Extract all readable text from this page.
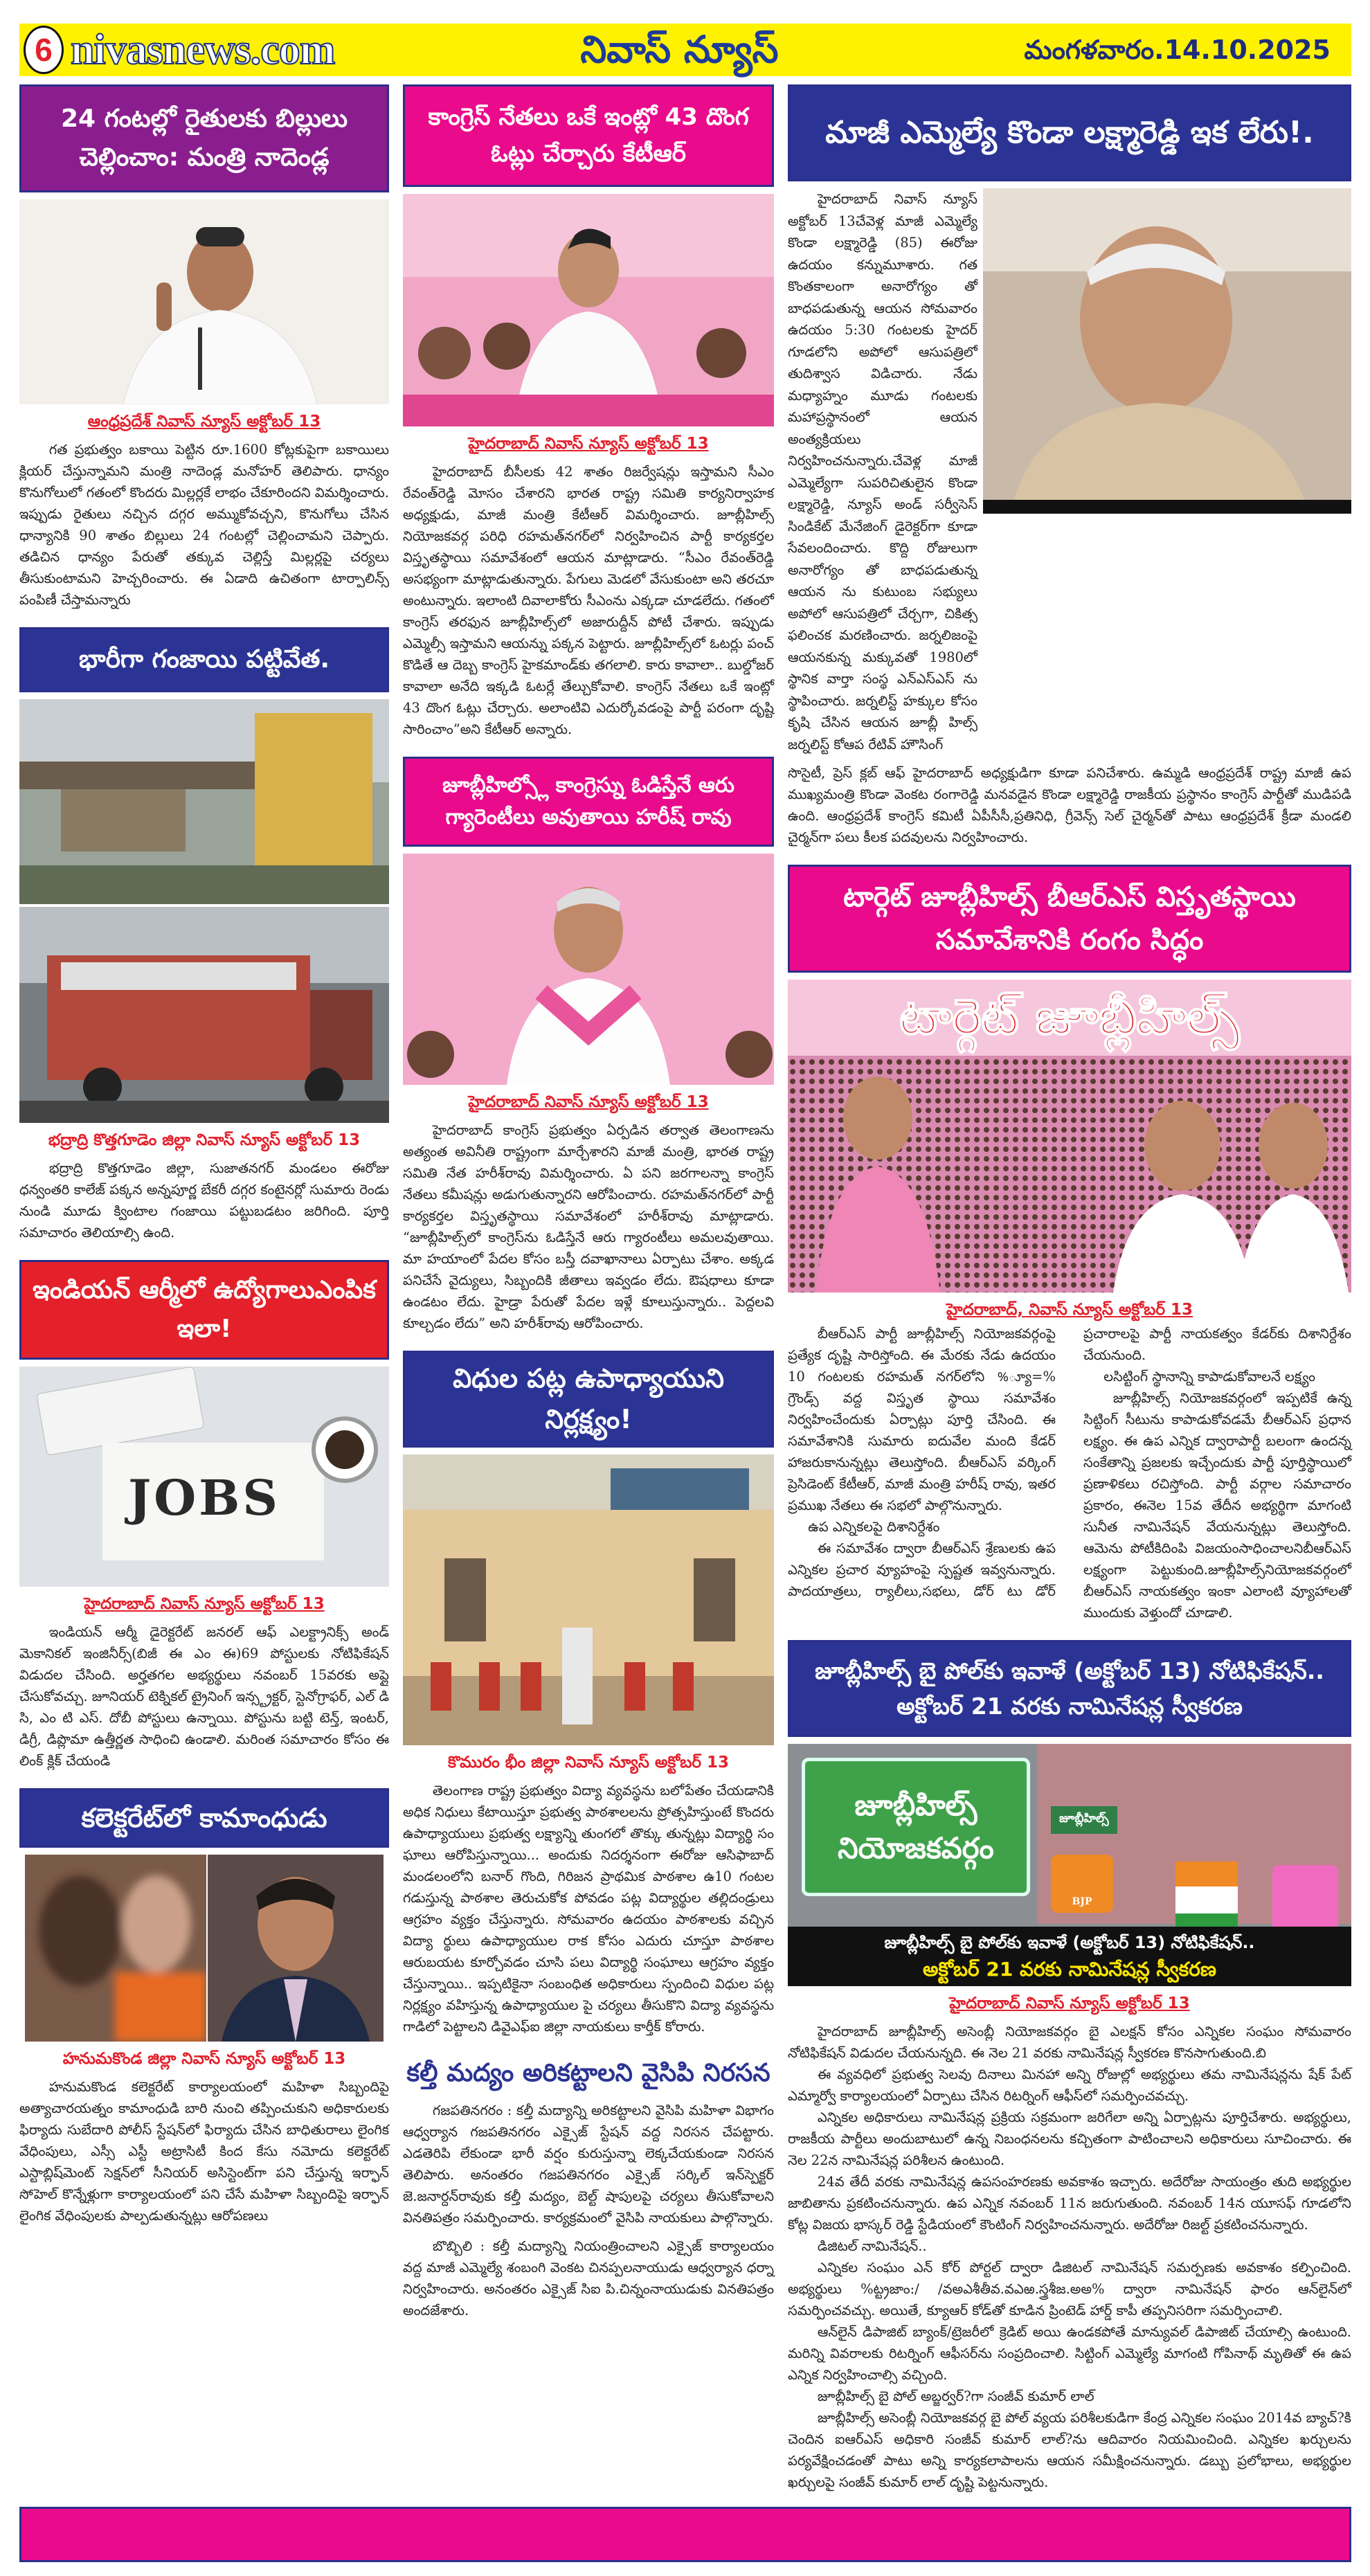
6 nivasnews.com	నివాస్ న్యూస్	మంగళవారం.14.10.2025
24 గంటల్లో రైతులకు బిల్లులు చెల్లించాం: మంత్రి నాదెండ్ల
ఆంధ్రప్రదేశ్ నివాస్ న్యూస్ అక్టోబర్ 13
గత ప్రభుత్వం బకాయి పెట్టిన రూ.1600 కోట్లకుపైగా బకాయిలు క్లియర్ చేస్తున్నామని మంత్రి నాదెండ్ల మనోహర్ తెలిపారు. ధాన్యం కొనుగోలులో గతంలో కొందరు మిల్లర్లకే లాభం చేకూరిందని విమర్శించారు. ఇప్పుడు రైతులు నచ్చిన దగ్గర అమ్ముకోవచ్చని, కొనుగోలు చేసిన ధాన్యానికి 90 శాతం బిల్లులు 24 గంటల్లో చెల్లించామని చెప్పారు. తడిచిన ధాన్యం పేరుతో తక్కువ చెల్లిస్తే మిల్లర్లపై చర్యలు తీసుకుంటామని హెచ్చరించారు. ఈ ఏడాది ఉచితంగా టార్పాలిన్స్ పంపిణీ చేస్తామన్నారు
భారీగా గంజాయి పట్టివేత.
భద్రాద్రి కొత్తగూడెం జిల్లా నివాస్ న్యూస్ అక్టోబర్ 13
భద్రాద్రి కొత్తగూడెం జిల్లా, సుజాతనగర్ మండలం ఈరోజు ధన్వంతరి కాలేజ్ పక్కన అన్నపూర్ణ బేకరీ దగ్గర కంటైనర్లో సుమారు రెండు నుండి మూడు క్వింటాల గంజాయి పట్టుబడటం జరిగింది. పూర్తి సమాచారం తెలియాల్సి ఉంది.
ఇండియన్ ఆర్మీలో ఉద్యోగాలుఎంపిక ఇలా!
JOBS
హైదరాబాద్ నివాస్ న్యూస్ అక్టోబర్ 13
ఇండియన్ ఆర్మీ డైరెక్టరేట్ జనరల్ ఆఫ్ ఎలక్ట్రానిక్స్ అండ్ మెకానికల్ ఇంజినీర్స్(బిజీ ఈ ఎం ఈ)69 పోస్టులకు నోటిఫికేషన్ విడుదల చేసింది. అర్హతగల అభ్యర్థులు నవంబర్ 15వరకు అప్లై చేసుకోవచ్చు. జూనియర్ టెక్నికల్ ట్రైనింగ్ ఇన్స్ట్రక్టర్, స్టెనోగ్రాఫర్, ఎల్ డి సి, ఎం టి ఎస్. దోబీ పోస్టులు ఉన్నాయి. పోస్టును బట్టి టెన్త్, ఇంటర్, డిగ్రీ, డిప్లొమా ఉత్తీర్ణత సాధించి ఉండాలి. మరింత సమాచారం కోసం ఈ లింక్ క్లిక్ చేయండి
కలెక్టరేట్‌లో కామాంధుడు
హనుమకొండ జిల్లా నివాస్ న్యూస్ అక్టోబర్ 13
హనుమకొండ కలెక్టరేట్ కార్యాలయంలో మహిళా సిబ్బందిపై అత్యాచారయత్నం కామాంధుడి బారి నుంచి తప్పించుకుని అధికారులకు ఫిర్యాదు సుబేదారి పోలీస్ స్టేషన్‌లో ఫిర్యాదు చేసిన బాధితురాలు లైంగిక వేధింపులు, ఎస్సీ ఎస్టీ అట్రాసిటీ కింద కేసు నమోదు కలెక్టరేట్ ఎస్టాబ్లిష్‌మెంట్ సెక్షన్‌లో సీనియర్ అసిస్టెంట్‌గా పని చేస్తున్న ఇర్ఫాన్ సోహెల్ కొన్నేళ్లుగా కార్యాలయంలో పని చేసే మహిళా సిబ్బందిపై ఇర్ఫాన్ లైంగిక వేధింపులకు పాల్పడుతున్నట్లు ఆరోపణలు
కాంగ్రెస్ నేతలు ఒకే ఇంట్లో 43 దొంగ ఓట్లు చేర్చారు కేటీఆర్
హైదరాబాద్ నివాస్ న్యూస్ అక్టోబర్ 13
హైదరాబాద్ బీసీలకు 42 శాతం రిజర్వేషన్లు ఇస్తామని సీఎం రేవంత్‌రెడ్డి మోసం చేశారని భారత రాష్ట్ర సమితి కార్యనిర్వాహక అధ్యక్షుడు, మాజీ మంత్రి కేటీఆర్ విమర్శించారు. జూబ్లీహిల్స్ నియోజకవర్గ పరిధి రహమత్‌నగర్‌లో నిర్వహించిన పార్టీ కార్యకర్తల విస్తృతస్థాయి సమావేశంలో ఆయన మాట్లాడారు. “సీఎం రేవంత్‌రెడ్డి అసభ్యంగా మాట్లాడుతున్నారు. పేగులు మెడలో వేసుకుంటా అని తరచూ అంటున్నారు. ఇలాంటి దివాలాకోరు సీఎంను ఎక్కడా చూడలేదు. గతంలో కాంగ్రెస్ తరఫున జూబ్లీహిల్స్‌లో అజారుద్దీన్ పోటీ చేశారు. ఇప్పుడు ఎమ్మెల్సీ ఇస్తామని ఆయన్ను పక్కన పెట్టారు. జూబ్లీహిల్స్‌లో ఓటర్లు పంచ్ కొడితే ఆ దెబ్బ కాంగ్రెస్ హైకమాండ్‌కు తగలాలి. కారు కావాలా.. బుల్డోజర్ కావాలా అనేది ఇక్కడి ఓటర్లే తేల్చుకోవాలి. కాంగ్రెస్ నేతలు ఒకే ఇంట్లో 43 దొంగ ఓట్లు చేర్చారు. అలాంటివి ఎదుర్కోవడంపై పార్టీ పరంగా దృష్టి సారించాం”అని కేటీఆర్ అన్నారు.
జూబ్లీహిల్స్లో కాంగ్రెస్ను ఓడిస్తేనే ఆరు గ్యారెంటీలు అవుతాయి హరీష్ రావు
హైదరాబాద్ నివాస్ న్యూస్ అక్టోబర్ 13
హైదరాబాద్ కాంగ్రెస్ ప్రభుత్వం ఏర్పడిన తర్వాత తెలంగాణను అత్యంత అవినీతి రాష్ట్రంగా మార్చేశారని మాజీ మంత్రి, భారత రాష్ట్ర సమితి నేత హరీశ్‌రావు విమర్శించారు. ఏ పని జరగాలన్నా కాంగ్రెస్ నేతలు కమీషన్లు అడుగుతున్నారని ఆరోపించారు. రహమత్‌నగర్‌లో పార్టీ కార్యకర్తల విస్తృతస్థాయి సమావేశంలో హరీశ్‌రావు మాట్లాడారు. “జూబ్లీహిల్స్‌లో కాంగ్రెస్‌ను ఓడిస్తేనే ఆరు గ్యారంటీలు అమలవుతాయి. మా హయాంలో పేదల కోసం బస్తీ దవాఖానాలు ఏర్పాటు చేశాం. అక్కడ పనిచేసే వైద్యులు, సిబ్బందికి జీతాలు ఇవ్వడం లేదు. ఔషధాలు కూడా ఉండటం లేదు. హైడ్రా పేరుతో పేదల ఇళ్లే కూలుస్తున్నారు.. పెద్దలవి కూల్చడం లేదు” అని హరీశ్‌రావు ఆరోపించారు.
విధుల పట్ల ఉపాధ్యాయుని నిర్లక్ష్యం!
కొమురం భీం జిల్లా నివాస్ న్యూస్ అక్టోబర్ 13
తెలంగాణ రాష్ట్ర ప్రభుత్వం విద్యా వ్యవస్థను బలోపేతం చేయడానికి అధిక నిధులు కేటాయిస్తూ ప్రభుత్వ పాఠశాలలను ప్రోత్సహిస్తుంటే కొందరు ఉపాధ్యాయులు ప్రభుత్వ లక్ష్యాన్ని తుంగలో తొక్కు తున్నట్లు విద్యార్థి సం ఘాలు ఆరోపిస్తున్నాయి... అందుకు నిదర్శనంగా ఈరోజు ఆసిఫాబాద్ మండలంలోని బనార్ గొంది, గిరిజన ప్రాథమిక పాఠశాల ఉ10 గంటల గడుస్తున్న పాఠశాల తెరుచుకోక పోవడం పట్ల విద్యార్థుల తల్లిదండ్రులు ఆగ్రహం వ్యక్తం చేస్తున్నారు. సోమవారం ఉదయం పాఠశాలకు వచ్చిన విద్యా ర్థులు ఉపాధ్యాయుల రాక కోసం ఎదురు చూస్తూ పాఠశాల ఆరుబయట కూర్చోవడం చూసి పలు విద్యార్థి సంఘాలు ఆగ్రహం వ్యక్తం చేస్తున్నాయి.. ఇప్పటికైనా సంబంధిత అధికారులు స్పందించి విధుల పట్ల నిర్లక్ష్యం వహిస్తున్న ఉపాధ్యాయుల పై చర్యలు తీసుకొని విద్యా వ్యవస్థను గాడిలో పెట్టాలని డివైఎఫ్ఐ జిల్లా నాయకులు కార్తీక్ కోరారు.
కల్తీ మద్యం అరికట్టాలని వైసిపి నిరసన
గజపతినగరం : కల్తీ మద్యాన్ని అరికట్టాలని వైసిపి మహిళా విభాగం ఆధ్వర్యాన గజపతినగరం ఎక్సైజ్ స్టేషన్ వద్ద నిరసన చేపట్టారు. ఎడతెరిపి లేకుండా భారీ వర్షం కురుస్తున్నా లెక్కచేయకుండా నిరసన తెలిపారు. అనంతరం గజపతినగరం ఎక్సైజ్ సర్కిల్ ఇన్‌స్పెక్టర్ జె.జనార్దన్‌రావుకు కల్తీ మద్యం, బెల్ట్ షాపులపై చర్యలు తీసుకోవాలని వినతిపత్రం సమర్పించారు. కార్యక్రమంలో వైసిపి నాయకులు పాల్గొన్నారు.
బొబ్బిలి : కల్తీ మద్యాన్ని నియంత్రించాలని ఎక్సైజ్ కార్యాలయం వద్ద మాజీ ఎమ్మెల్యే శంబంగి వెంకట చినప్పలనాయుడు ఆధ్వర్యాన ధర్నా నిర్వహించారు. అనంతరం ఎక్సైజ్ సిఐ పి.చిన్నంనాయుడుకు వినతిపత్రం అందజేశారు.
మాజీ ఎమ్మెల్యే కొండా లక్ష్మారెడ్డి ఇక లేరు!.
హైదరాబాద్ నివాస్ న్యూస్ అక్టోబర్ 13చేవెళ్ల మాజీ ఎమ్మెల్యే కొండా లక్ష్మారెడ్డి (85) ఈరోజు ఉదయం కన్నుమూశారు. గత కొంతకాలంగా అనారోగ్యం తో బాధపడుతున్న ఆయన సోమవారం ఉదయం 5:30 గంటలకు హైదర్ గూడలోని అపోలో ఆసుపత్రిలో తుదిశ్వాస విడిచారు. నేడు మధ్యాహ్నం మూడు గంటలకు మహాప్రస్థానంలో ఆయన అంత్యక్రియలు నిర్వహించనున్నారు.చేవెళ్ల మాజీ ఎమ్మెల్యేగా సుపరిచితులైన కొండా లక్ష్మారెడ్డి, న్యూస్ అండ్ సర్వీసెస్ సిండికేట్ మేనేజింగ్ డైరెక్టర్‌గా కూడా సేవలందించారు. కొద్ది రోజులుగా అనారోగ్యం తో బాధపడుతున్న ఆయన ను కుటుంబ సభ్యులు అపోలో ఆసుపత్రిలో చేర్చగా, చికిత్స ఫలించక మరణించారు. జర్నలిజంపై ఆయనకున్న మక్కువతో 1980లో స్థానిక వార్తా సంస్థ ఎన్ఎస్ఎస్ ను స్థాపించారు. జర్నలిస్ట్ హక్కుల కోసం కృషి చేసిన ఆయన జూబ్లీ హిల్స్ జర్నలిస్ట్ కోఆప రేటివ్ హౌసింగ్
సొసైటీ, ప్రెస్ క్లబ్ ఆఫ్ హైదరాబాద్ అధ్యక్షుడిగా కూడా పనిచేశారు. ఉమ్మడి ఆంధ్రప్రదేశ్ రాష్ట్ర మాజీ ఉప ముఖ్యమంత్రి కొండా వెంకట రంగారెడ్డి మనవడైన కొండా లక్ష్మారెడ్డి రాజకీయ ప్రస్థానం కాంగ్రెస్ పార్టీతో ముడిపడి ఉంది. ఆంధ్రప్రదేశ్ కాంగ్రెస్ కమిటీ ఏపీసీసీ,ప్రతినిధి, గ్రీవెన్స్ సెల్ చైర్మన్‌తో పాటు ఆంధ్రప్రదేశ్ క్రీడా మండలి చైర్మన్‌గా పలు కీలక పదవులను నిర్వహించారు.
టార్గెట్ జూబ్లీహిల్స్ బీఆర్ఎస్ విస్తృతస్థాయి సమావేశానికి రంగం సిద్ధం
టార్గెట్ జూబ్లీహిల్స్
హైదరాబాద్, నివాస్ న్యూస్ అక్టోబర్ 13

బీఆర్ఎస్ పార్టీ జూబ్లీహిల్స్ నియోజకవర్గంపై ప్రత్యేక దృష్టి సారిస్తోంది. ఈ మేరకు నేడు ఉదయం 10 గంటలకు రహమత్ నగర్‌లోని %్యూ=% గ్రౌండ్స్ వద్ద విస్తృత స్థాయి సమావేశం నిర్వహించేందుకు ఏర్పాట్లు పూర్తి చేసింది. ఈ సమావేశానికి సుమారు ఐదువేల మంది కేడర్ హాజరుకానున్నట్లు తెలుస్తోంది. బీఆర్ఎస్ వర్కింగ్ ప్రెసిడెంట్ కేటీఆర్, మాజీ మంత్రి హరీష్ రావు, ఇతర ప్రముఖ నేతలు ఈ సభలో పాల్గొనున్నారు.

ఉప ఎన్నికలపై దిశానిర్దేశం

ఈ సమావేశం ద్వారా బీఆర్ఎస్ శ్రేణులకు ఉప ఎన్నికల ప్రచార వ్యూహంపై స్పష్టత ఇవ్వనున్నారు. పాదయాత్రలు, ర్యాలీలు,సభలు, డోర్ టు డోర్ ప్రచారాలపై పార్టీ నాయకత్వం కేడర్‌కు దిశానిర్దేశం చేయనుంది.

లసిట్టింగ్ స్థానాన్ని కాపాడుకోవాలనే లక్ష్యం

జూబ్లీహిల్స్ నియోజకవర్గంలో ఇప్పటికే ఉన్న సిట్టింగ్ సీటును కాపాడుకోవడమే బీఆర్ఎస్ ప్రధాన లక్ష్యం. ఈ ఉప ఎన్నిక ద్వారాపార్టీ బలంగా ఉందన్న సంకేతాన్ని ప్రజలకు ఇచ్చేందుకు పార్టీ పూర్తిస్థాయిలో ప్రణాళికలు రచిస్తోంది. పార్టీ వర్గాల సమాచారం ప్రకారం, ఈనెల 15వ తేదీన అభ్యర్థిగా మాగంటి సునీత నామినేషన్ వేయనున్నట్లు తెలుస్తోంది. ఆమెను పోటీకిదింపి విజయంసాధించాలనిబీఆర్ఎస్ లక్ష్యంగా పెట్టుకుంది.జూబ్లీహిల్స్‌నియోజకవర్గంలో బీఆర్ఎస్ నాయకత్వం ఇంకా ఎలాంటి వ్యూహాలతో ముందుకు వెళ్తుందో చూడాలి.

జూబ్లీహిల్స్ బై పోల్‌కు ఇవాళే (అక్టోబర్ 13) నోటిఫికేషన్.. అక్టోబర్ 21 వరకు నామినేషన్ల స్వీకరణ
జూబ్లీహిల్స్ నియోజకవర్గం
జూబ్లీహిల్స్
BJP
జూబ్లీహిల్స్ బై పోల్‌కు ఇవాళే (అక్టోబర్ 13) నోటిఫికేషన్..
అక్టోబర్ 21 వరకు నామినేషన్ల స్వీకరణ
హైదరాబాద్ నివాస్ న్యూస్ అక్టోబర్ 13

హైదరాబాద్ జూబ్లీహిల్స్ అసెంబ్లీ నియోజకవర్గం బై ఎలక్షన్ కోసం ఎన్నికల సంఘం సోమవారం నోటిఫికేషన్ విడుదల చేయనున్నది. ఈ నెల 21 వరకు నామినేషన్ల స్వీకరణ కొనసాగుతుంది.బి

ఈ వ్యవధిలో ప్రభుత్వ సెలవు దినాలు మినహా అన్ని రోజుల్లో అభ్యర్థులు తమ నామినేషన్లను షేక్ పేట్ ఎమ్మార్వో కార్యాలయంలో ఏర్పాటు చేసిన రిటర్నింగ్ ఆఫీస్‌లో సమర్పించవచ్చు.

ఎన్నికల అధికారులు నామినేషన్ల ప్రక్రియ సక్రమంగా జరిగేలా అన్ని ఏర్పాట్లను పూర్తిచేశారు. అభ్యర్థులు, రాజకీయ పార్టీలు అందుబాటులో ఉన్న నిబంధనలను కచ్చితంగా పాటించాలని అధికారులు సూచించారు. ఈ నెల 22న నామినేషన్ల పరిశీలన ఉంటుంది.

24వ తేదీ వరకు నామినేషన్ల ఉపసంహరణకు అవకాశం ఇచ్చారు. అదేరోజు సాయంత్రం తుది అభ్యర్థుల జాబితాను ప్రకటించనున్నారు. ఉప ఎన్నిక నవంబర్ 11న జరుగుతుంది. నవంబర్ 14న యూసఫ్ గూడలోని కోట్ల విజయ భాస్కర్ రెడ్డి స్టేడియంలో కౌంటింగ్ నిర్వహించనున్నారు. అదేరోజు రిజల్ట్ ప్రకటించనున్నారు.

డిజిటల్ నామినేషన్..

ఎన్నికల సంఘం ఎన్ కోర్ పోర్టల్ ద్వారా డిజిటల్ నామినేషన్ సమర్పణకు అవకాశం కల్పించింది. అభ్యర్థులు %ట్ట్రజాం:/ /వఅఎశీతీవ.వఎఱ.స్త్రశీజ.అఅ% ద్వారా నామినేషన్ ఫారం ఆన్‌లైన్‌లో సమర్పించవచ్చు. అయితే, క్యూఆర్ కోడ్‌తో కూడిన ప్రింటెడ్ హార్డ్ కాపీ తప్పనిసరిగా సమర్పించాలి.

ఆన్‌లైన్ డిపాజిట్ బ్యాంక్/ట్రెజరీలో క్రెడిట్ అయి ఉండకపోతే మాన్యువల్ డిపాజిట్ చేయాల్సి ఉంటుంది. మరిన్ని వివరాలకు రిటర్నింగ్ ఆఫీసర్‌ను సంప్రదించాలి. సిట్టింగ్ ఎమ్మెల్యే మాగంటి గోపినాథ్ మృతితో ఈ ఉప ఎన్నిక నిర్వహించాల్సి వచ్చింది.

జూబ్లీహిల్స్ బై పోల్ అబ్జర్వర్?గా సంజీవ్ కుమార్ లాల్

జూబ్లీహిల్స్ అసెంబ్లీ నియోజకవర్గ బై పోల్ వ్యయ పరిశీలకుడిగా కేంద్ర ఎన్నికల సంఘం 2014వ బ్యాచ్?కి చెందిన ఐఆర్ఎస్ అధికారి సంజీవ్ కుమార్ లాల్?ను ఆదివారం నియమించింది. ఎన్నికల ఖర్చులను పర్యవేక్షించడంతో పాటు అన్ని కార్యకలాపాలను ఆయన సమీక్షించనున్నారు. డబ్బు ప్రలోభాలు, అభ్యర్థుల ఖర్చులపై సంజీవ్ కుమార్ లాల్ దృష్టి పెట్టనున్నారు.
